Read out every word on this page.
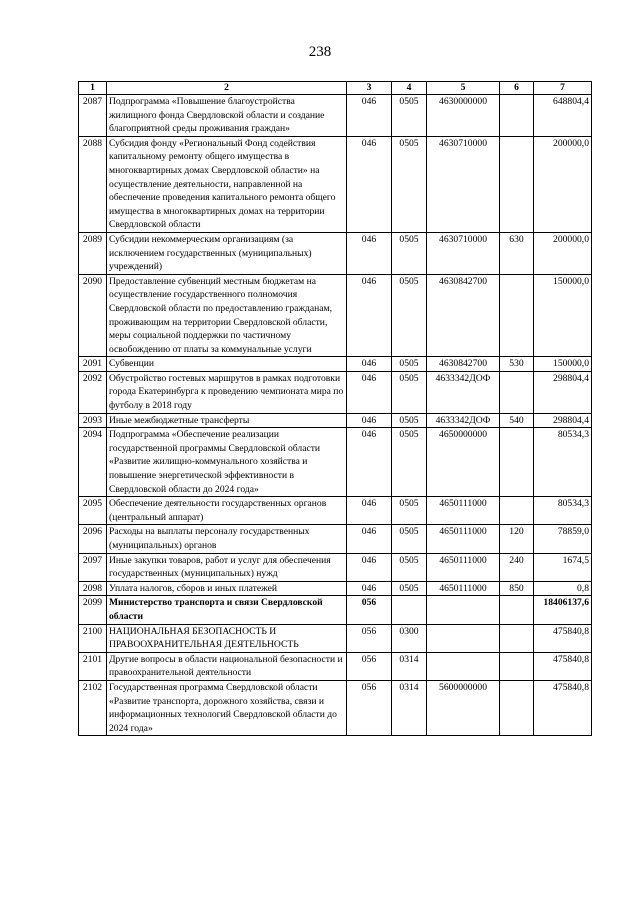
238
1	2	3	4	5	6	7
2087	Подпрограмма «Повышение благоустройства жилищного фонда Свердловской области и создание благоприятной среды проживания граждан»	046	0505	4630000000		648804,4
2088	Субсидия фонду «Региональный Фонд содействия капитальному ремонту общего имущества в многоквартирных домах Свердловской области» на осуществление деятельности, направленной на обеспечение проведения капитального ремонта общего имущества в многоквартирных домах на территории Свердловской области	046	0505	4630710000		200000,0
2089	Субсидии некоммерческим организациям (за исключением государственных (муниципальных) учреждений)	046	0505	4630710000	630	200000,0
2090	Предоставление субвенций местным бюджетам на осуществление государственного полномочия Свердловской области по предоставлению гражданам, проживающим на территории Свердловской области, меры социальной поддержки по частичному освобождению от платы за коммунальные услуги	046	0505	4630842700		150000,0
2091	Субвенции	046	0505	4630842700	530	150000,0
2092	Обустройство гостевых маршрутов в рамках подготовки города Екатеринбурга к проведению чемпионата мира по футболу в 2018 году	046	0505	4633342ДОФ		298804,4
2093	Иные межбюджетные трансферты	046	0505	4633342ДОФ	540	298804,4
2094	Подпрограмма «Обеспечение реализации государственной программы Свердловской области «Развитие жилищно-коммунального хозяйства и повышение энергетической эффективности в Свердловской области до 2024 года»	046	0505	4650000000		80534,3
2095	Обеспечение деятельности государственных органов (центральный аппарат)	046	0505	4650111000		80534,3
2096	Расходы на выплаты персоналу государственных (муниципальных) органов	046	0505	4650111000	120	78859,0
2097	Иные закупки товаров, работ и услуг для обеспечения государственных (муниципальных) нужд	046	0505	4650111000	240	1674,5
2098	Уплата налогов, сборов и иных платежей	046	0505	4650111000	850	0,8
2099	Министерство транспорта и связи Свердловской области	056				18406137,6
2100	НАЦИОНАЛЬНАЯ БЕЗОПАСНОСТЬ И ПРАВООХРАНИТЕЛЬНАЯ ДЕЯТЕЛЬНОСТЬ	056	0300			475840,8
2101	Другие вопросы в области национальной безопасности и правоохранительной деятельности	056	0314			475840,8
2102	Государственная программа Свердловской области «Развитие транспорта, дорожного хозяйства, связи и информационных технологий Свердловской области до 2024 года»	056	0314	5600000000		475840,8
